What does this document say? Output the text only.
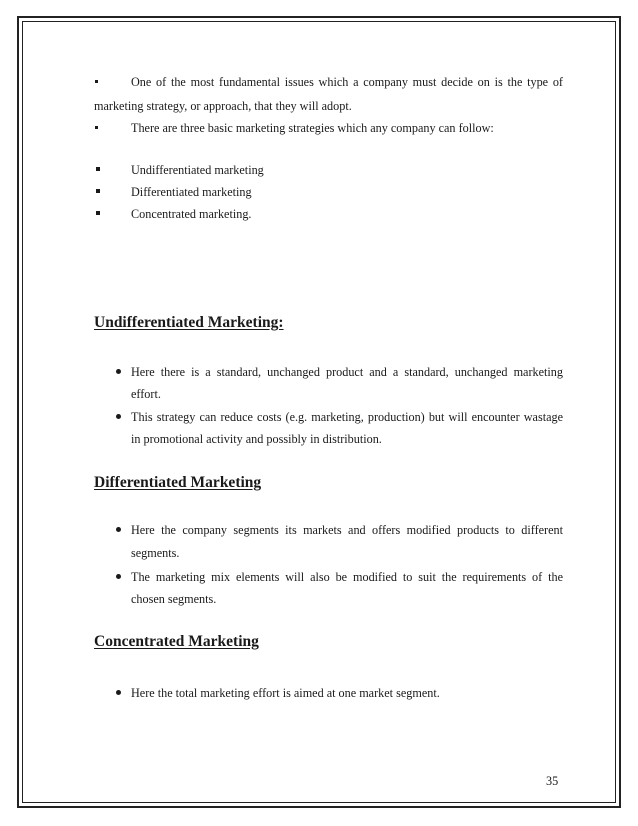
One of the most fundamental issues which a company must decide on is the type of
marketing strategy, or approach, that they will adopt.
There are three basic marketing strategies which any company can follow:
Undifferentiated marketing
Differentiated marketing
Concentrated marketing.
Undifferentiated Marketing:
Here there is a standard, unchanged product and a standard, unchanged marketing
effort.
This strategy can reduce costs (e.g. marketing, production) but will encounter wastage
in promotional activity and possibly in distribution.
Differentiated Marketing
Here the company segments its markets and offers modified products to different
segments.
The marketing mix elements will also be modified to suit the requirements of the
chosen segments.
Concentrated Marketing
Here the total marketing effort is aimed at one market segment.
35
